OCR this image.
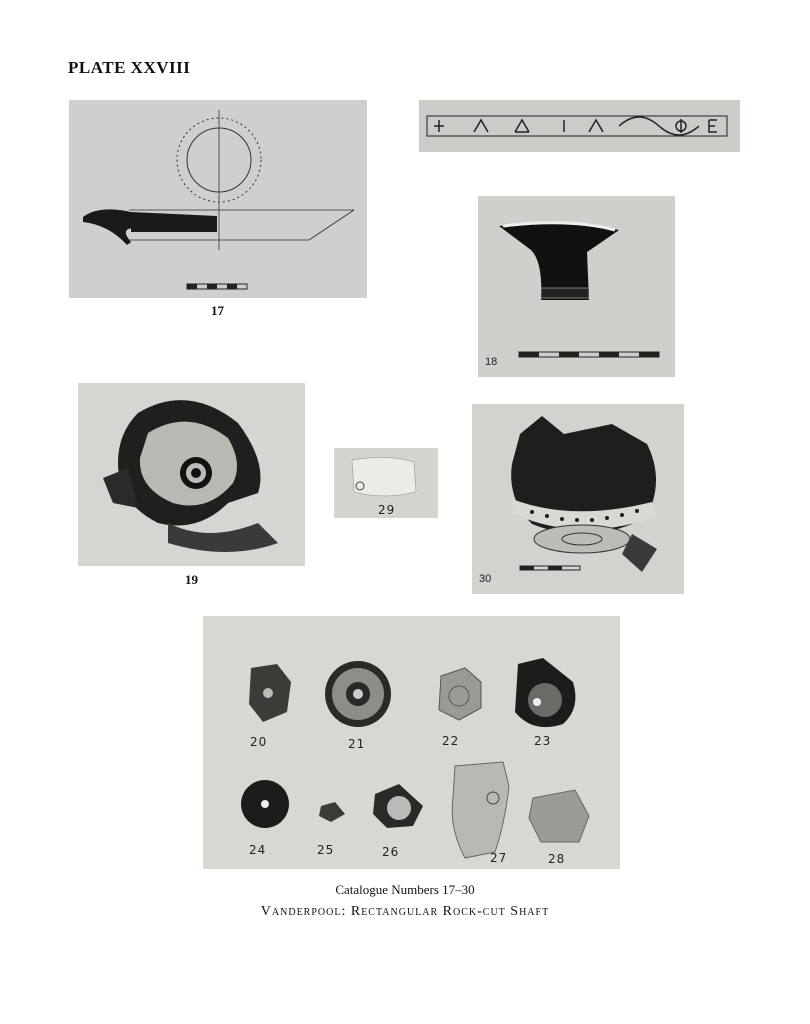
PLATE XXVIII
17
18
19
29
30
20	21	22	23
24	25	26	27	28
Catalogue Numbers 17–30
Vanderpool: Rectangular Rock-cut Shaft
